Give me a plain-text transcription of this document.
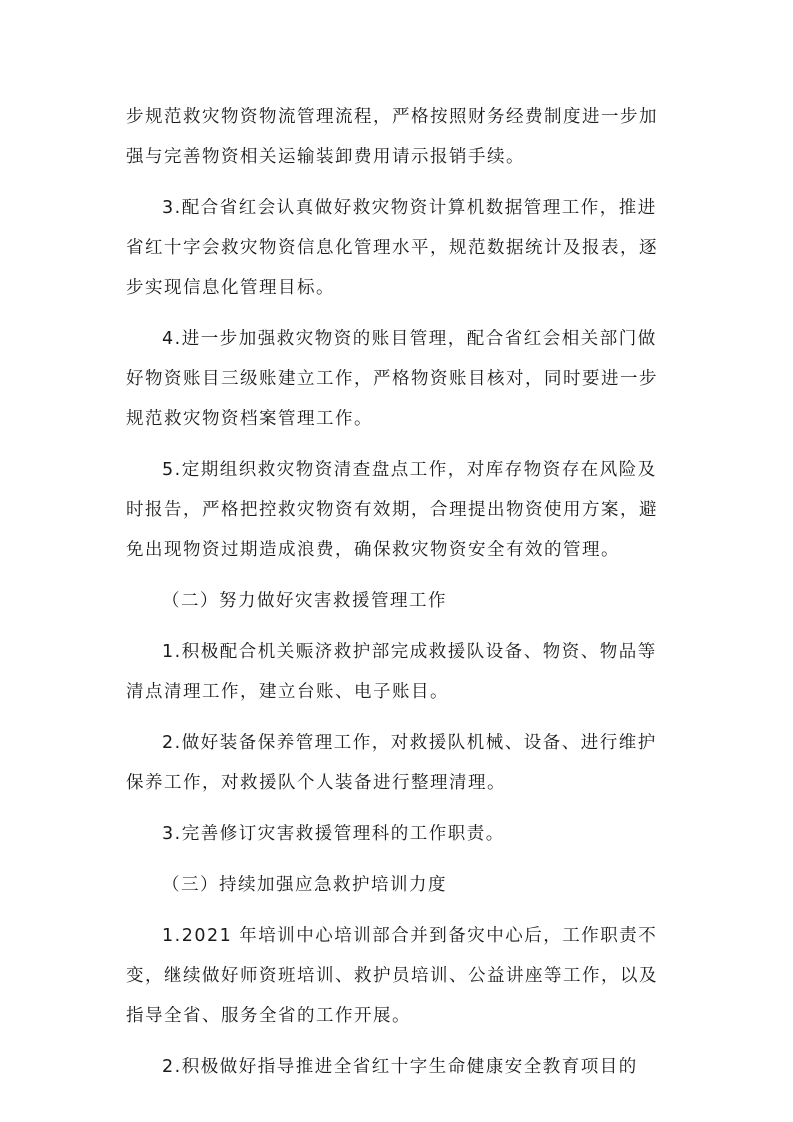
步规范救灾物资物流管理流程，严格按照财务经费制度进一步加
强与完善物资相关运输装卸费用请示报销手续。
3.配合省红会认真做好救灾物资计算机数据管理工作，推进
省红十字会救灾物资信息化管理水平，规范数据统计及报表，逐
步实现信息化管理目标。
4.进一步加强救灾物资的账目管理，配合省红会相关部门做
好物资账目三级账建立工作，严格物资账目核对，同时要进一步
规范救灾物资档案管理工作。
5.定期组织救灾物资清查盘点工作，对库存物资存在风险及
时报告，严格把控救灾物资有效期，合理提出物资使用方案，避
免出现物资过期造成浪费，确保救灾物资安全有效的管理。
（二）努力做好灾害救援管理工作
1.积极配合机关赈济救护部完成救援队设备、物资、物品等
清点清理工作，建立台账、电子账目。
2.做好装备保养管理工作，对救援队机械、设备、进行维护
保养工作，对救援队个人装备进行整理清理。
3.完善修订灾害救援管理科的工作职责。
（三）持续加强应急救护培训力度
1.2021 年培训中心培训部合并到备灾中心后，工作职责不
变，继续做好师资班培训、救护员培训、公益讲座等工作，以及
指导全省、服务全省的工作开展。
2.积极做好指导推进全省红十字生命健康安全教育项目的
